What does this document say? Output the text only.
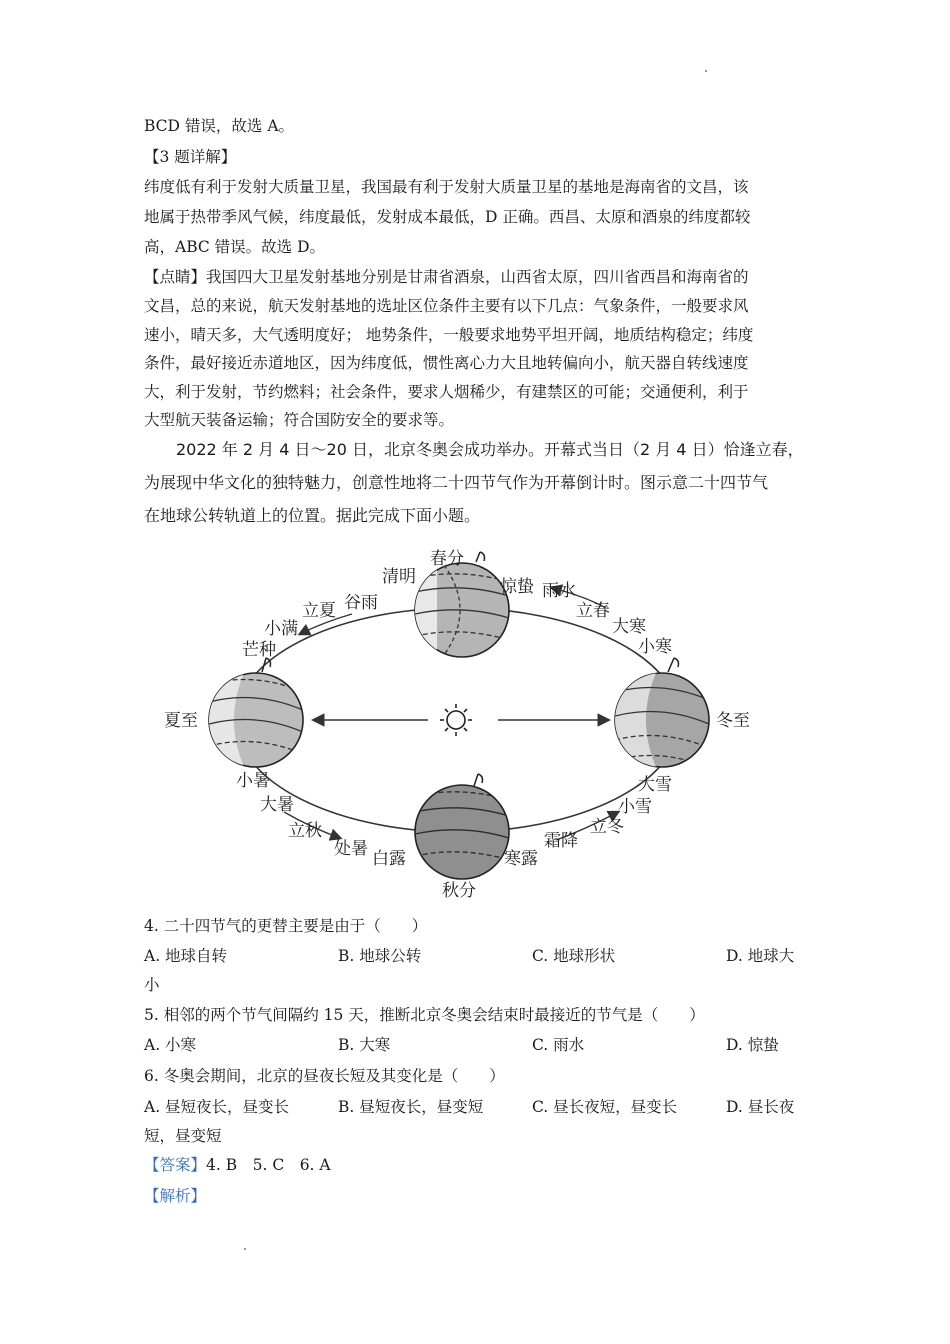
BCD 错误，故选 A。
【3 题详解】
纬度低有利于发射大质量卫星，我国最有利于发射大质量卫星的基地是海南省的文昌，该
地属于热带季风气候，纬度最低，发射成本最低，D 正确。西昌、太原和酒泉的纬度都较
高，ABC 错误。故选 D。
【点睛】我国四大卫星发射基地分别是甘肃省酒泉，山西省太原，四川省西昌和海南省的
文昌，总的来说，航天发射基地的选址区位条件主要有以下几点：气象条件，一般要求风
速小，晴天多，大气透明度好； 地势条件，一般要求地势平坦开阔，地质结构稳定；纬度
条件，最好接近赤道地区，因为纬度低，惯性离心力大且地转偏向小，航天器自转线速度
大，利于发射，节约燃料；社会条件，要求人烟稀少，有建禁区的可能；交通便利，利于
大型航天装备运输；符合国防安全的要求等。
2022 年 2 月 4 日～20 日，北京冬奥会成功举办。开幕式当日（2 月 4 日）恰逢立春，
为展现中华文化的独特魅力，创意性地将二十四节气作为开幕倒计时。图示意二十四节气
在地球公转轨道上的位置。据此完成下面小题。
春分
清明
谷雨
立夏
小满
芒种
夏至
小暑
大暑
立秋
处暑 白露
秋分
寒露
霜降
立冬
小雪
大雪
冬至
小寒
大寒
立春
雨水
惊蛰
4. 二十四节气的更替主要是由于（　　）
A. 地球自转	B. 地球公转	C. 地球形状	D. 地球大
小
5. 相邻的两个节气间隔约 15 天，推断北京冬奥会结束时最接近的节气是（　　）
A. 小寒	B. 大寒	C. 雨水	D. 惊蛰
6. 冬奥会期间，北京的昼夜长短及其变化是（　　）
A. 昼短夜长，昼变长	B. 昼短夜长，昼变短	C. 昼长夜短，昼变长	D. 昼长夜
短，昼变短
【答案】4. B　5. C　6. A
【解析】
